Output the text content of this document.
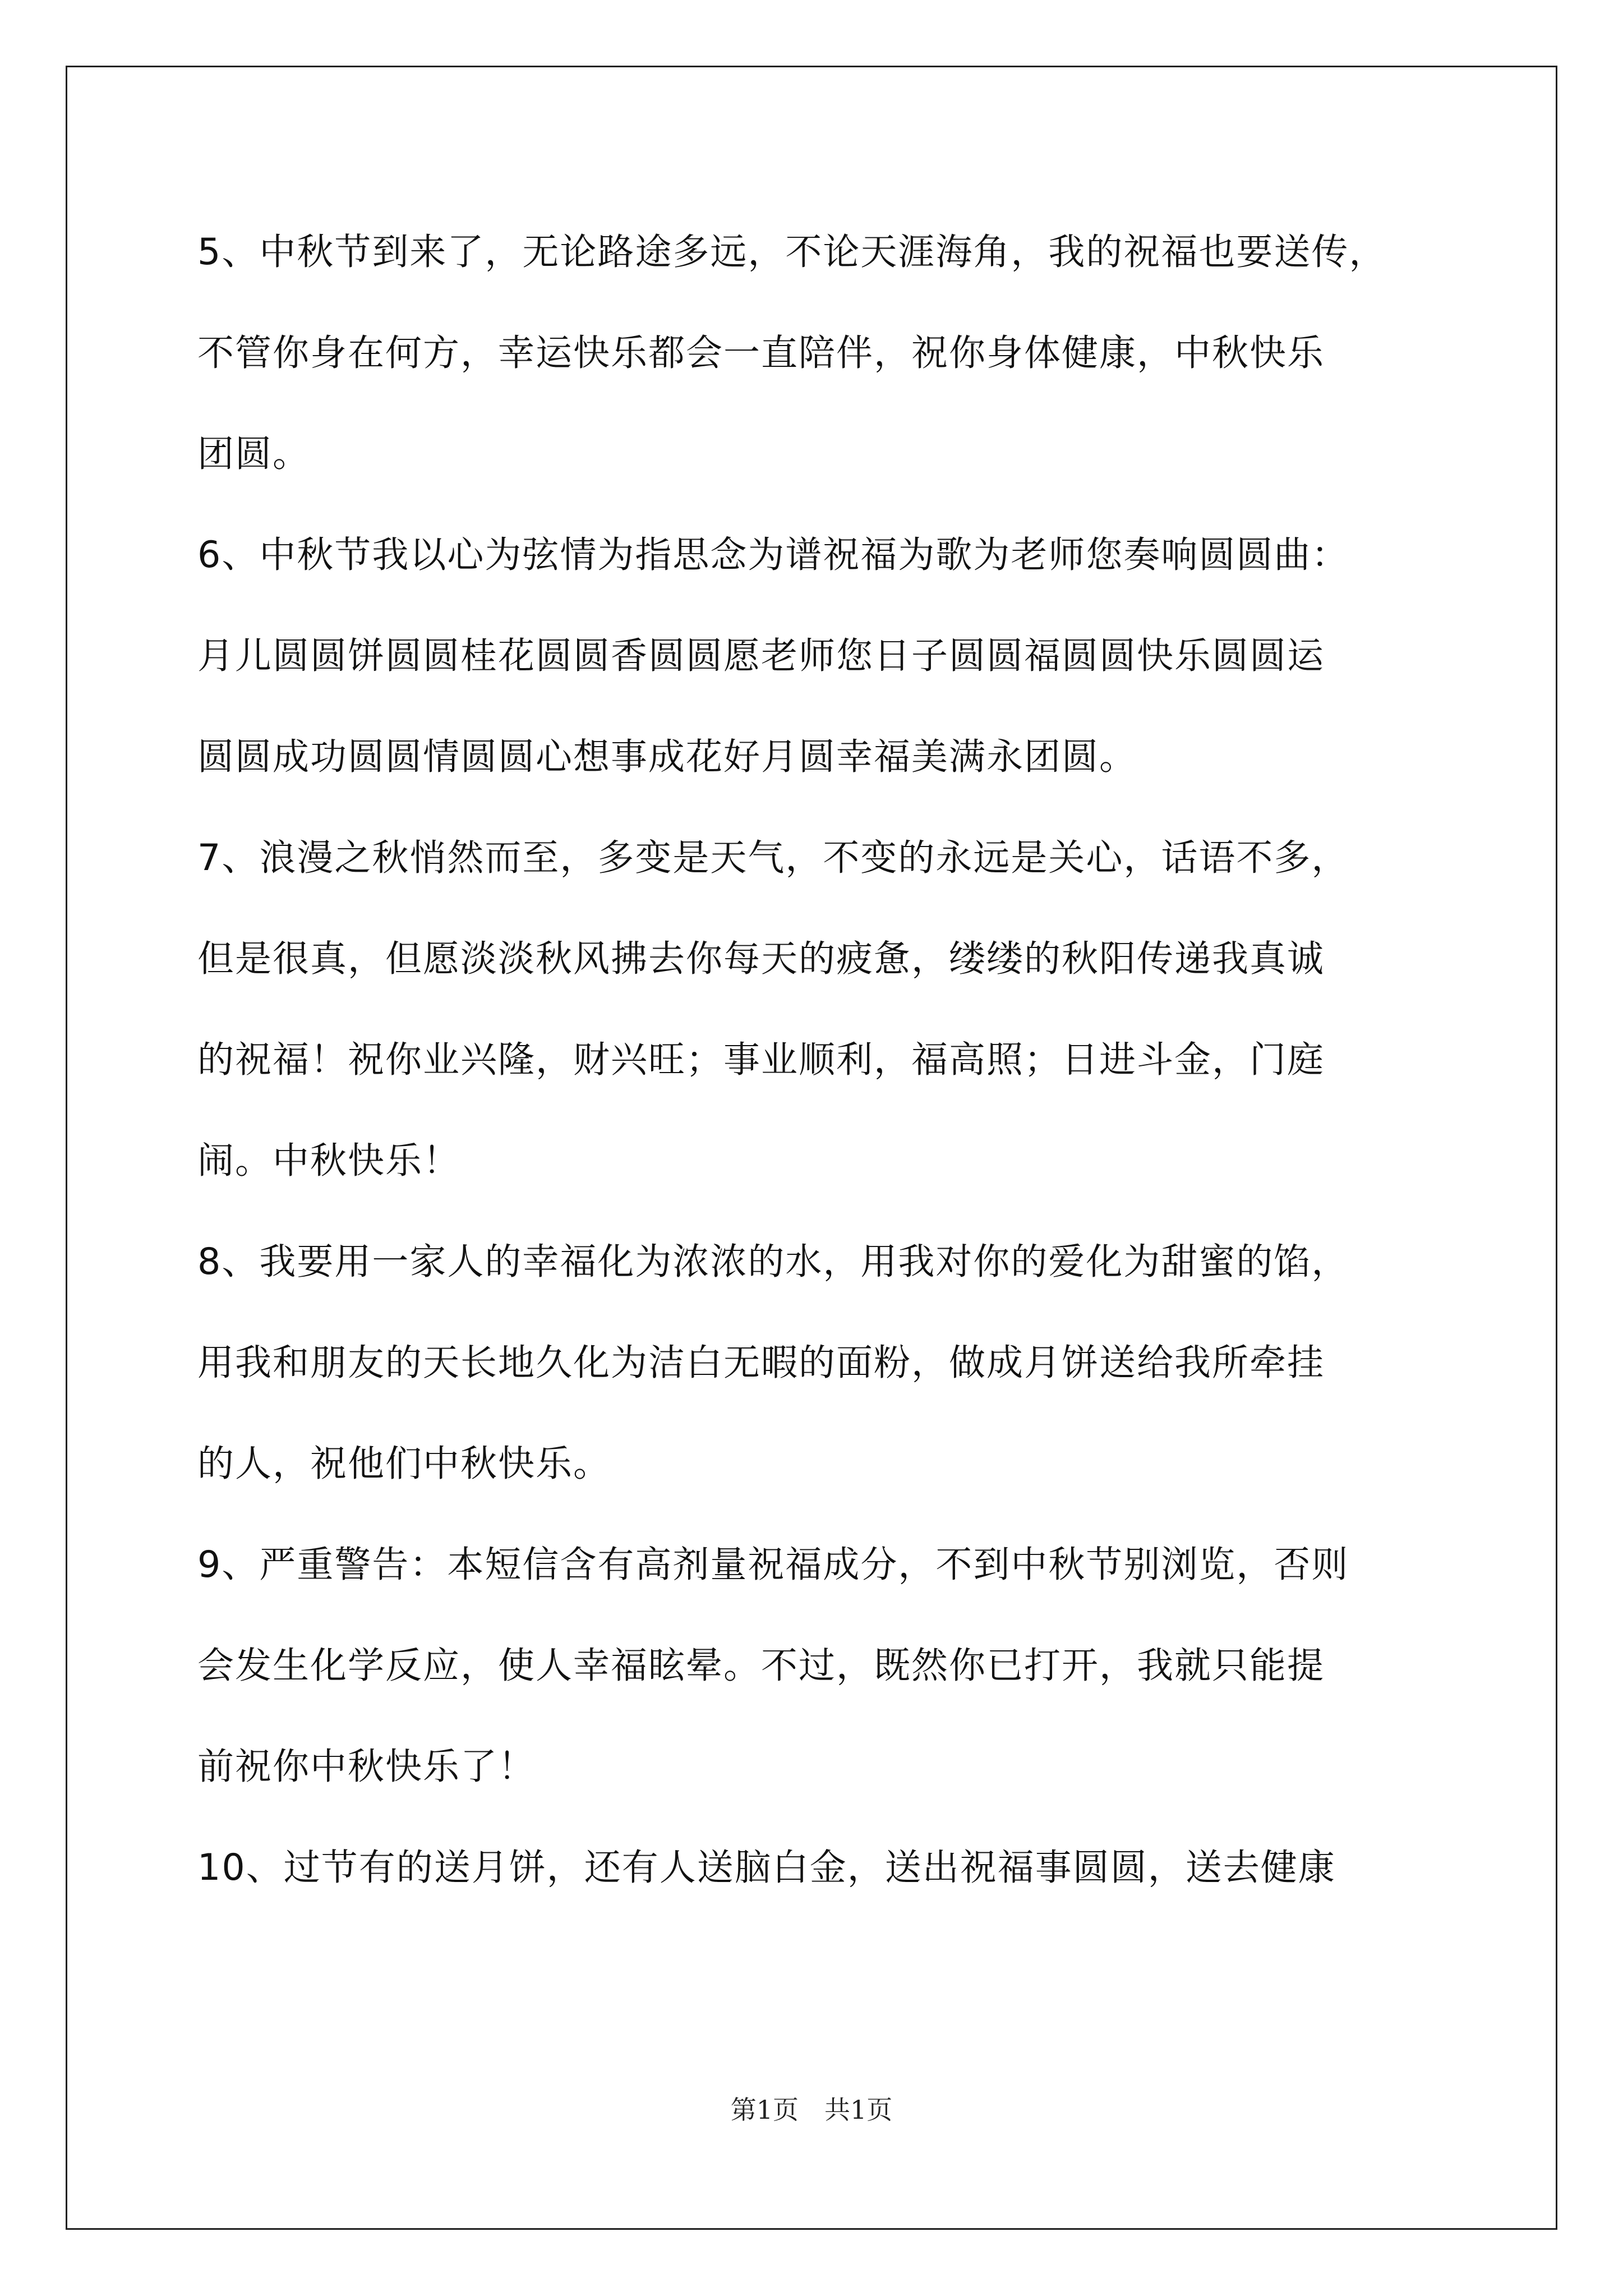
5、中秋节到来了，无论路途多远，不论天涯海角，我的祝福也要送传，
不管你身在何方，幸运快乐都会一直陪伴，祝你身体健康，中秋快乐
团圆。
6、中秋节我以心为弦情为指思念为谱祝福为歌为老师您奏响圆圆曲：
月儿圆圆饼圆圆桂花圆圆香圆圆愿老师您日子圆圆福圆圆快乐圆圆运
圆圆成功圆圆情圆圆心想事成花好月圆幸福美满永团圆。
7、浪漫之秋悄然而至，多变是天气，不变的永远是关心，话语不多，
但是很真，但愿淡淡秋风拂去你每天的疲惫，缕缕的秋阳传递我真诚
的祝福！祝你业兴隆，财兴旺；事业顺利，福高照；日进斗金，门庭
闹。中秋快乐！
8、我要用一家人的幸福化为浓浓的水，用我对你的爱化为甜蜜的馅，
用我和朋友的天长地久化为洁白无暇的面粉，做成月饼送给我所牵挂
的人，祝他们中秋快乐。
9、严重警告：本短信含有高剂量祝福成分，不到中秋节别浏览，否则
会发生化学反应，使人幸福眩晕。不过，既然你已打开，我就只能提
前祝你中秋快乐了！
10、过节有的送月饼，还有人送脑白金，送出祝福事圆圆，送去健康
第1页　共1页
